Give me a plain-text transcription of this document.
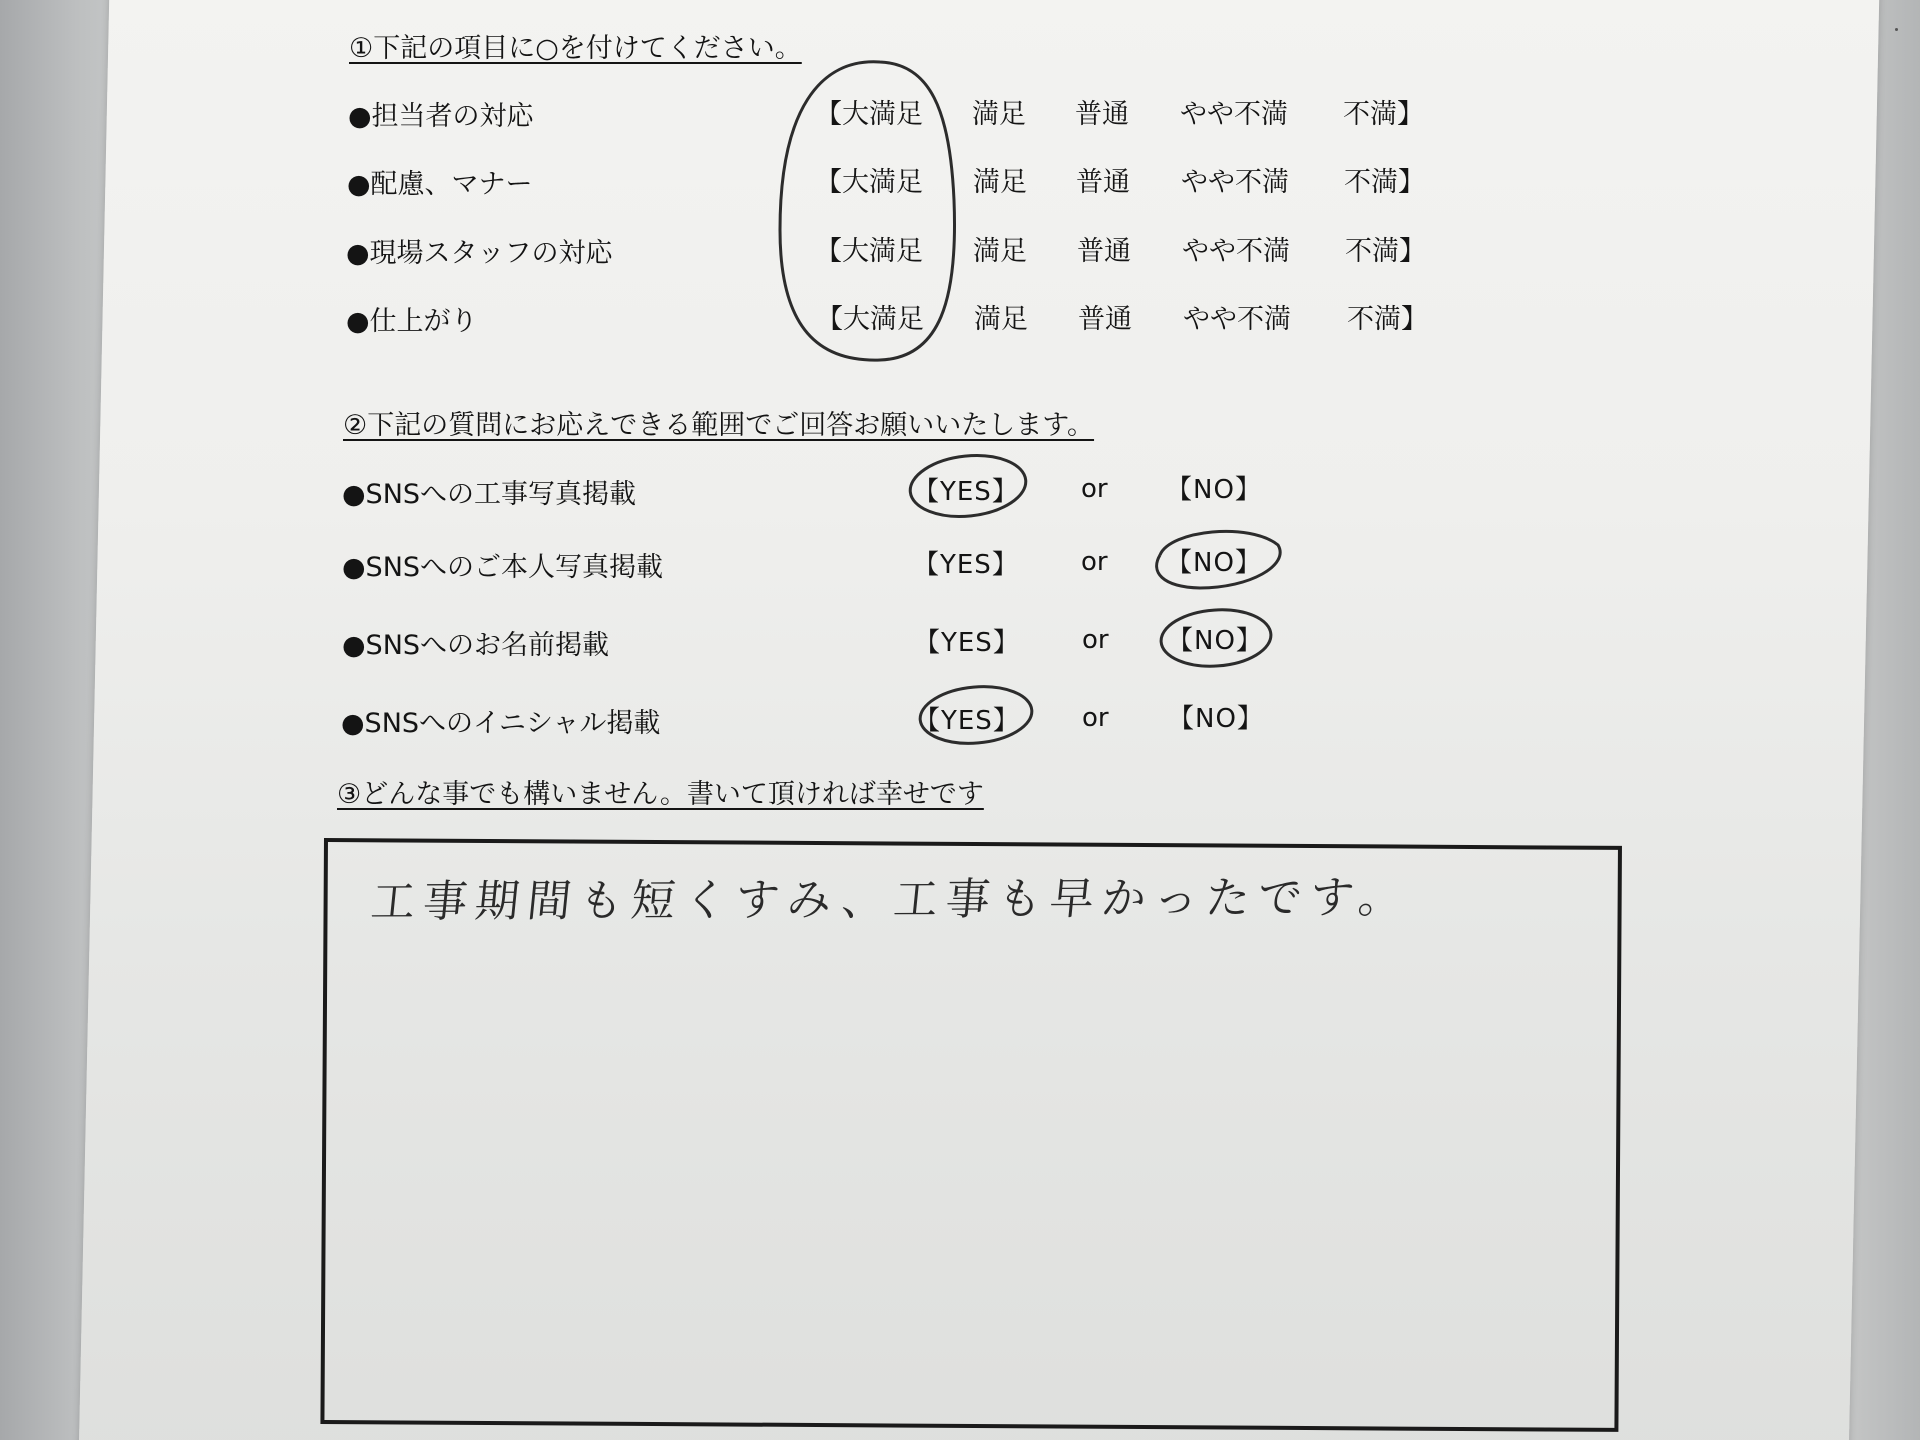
①下記の項目に○を付けてください。
●担当者の対応
●配慮、マナー
●現場スタッフの対応
●仕上がり
【大満足 満足 普通 やや不満 不満】
【大満足 満足 普通 やや不満 不満】
【大満足 満足 普通 やや不満 不満】
【大満足 満足 普通 やや不満 不満】
②下記の質問にお応えできる範囲でご回答お願いいたします。
●SNSへの工事写真掲載
●SNSへのご本人写真掲載
●SNSへのお名前掲載
●SNSへのイニシャル掲載
【YES】 or 【NO】
【YES】 or 【NO】
【YES】 or 【NO】
【YES】 or 【NO】
③どんな事でも構いません。書いて頂ければ幸せです
工事期間も短くすみ、工事も早かったです。
